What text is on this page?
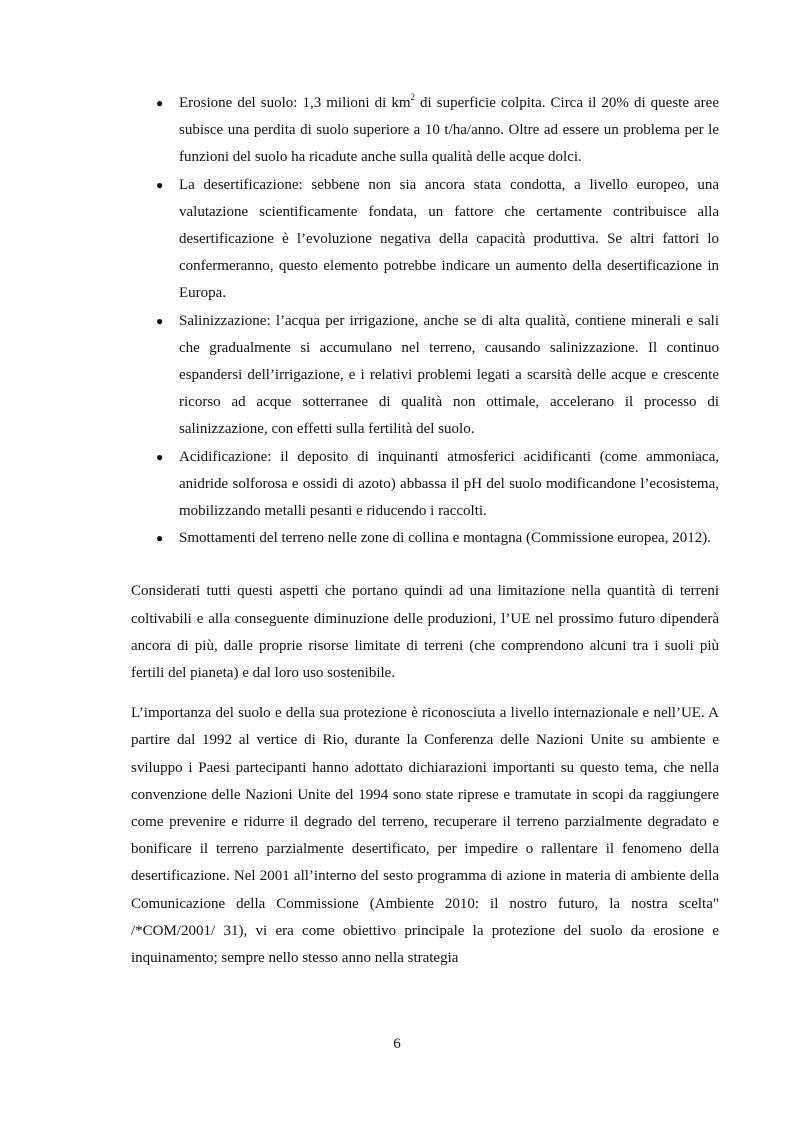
● Erosione del suolo: 1,3 milioni di $km^2$ di superficie colpita. Circa il 20% di queste aree subisce una perdita di suolo superiore a 10 t/ha/anno. Oltre ad essere un problema per le funzioni del suolo ha ricadute anche sulla qualità delle acque dolci.
● La desertificazione: sebbene non sia ancora stata condotta, a livello europeo, una valutazione scientificamente fondata, un fattore che certamente contribuisce alla desertificazione è l’evoluzione negativa della capacità produttiva. Se altri fattori lo confermeranno, questo elemento potrebbe indicare un aumento della desertificazione in Europa.
● Salinizzazione: l’acqua per irrigazione, anche se di alta qualità, contiene minerali e sali che gradualmente si accumulano nel terreno, causando salinizzazione. Il continuo espandersi dell’irrigazione, e i relativi problemi legati a scarsità delle acque e crescente ricorso ad acque sotterranee di qualità non ottimale, accelerano il processo di salinizzazione, con effetti sulla fertilità del suolo.
● Acidificazione: il deposito di inquinanti atmosferici acidificanti (come ammoniaca, anidride solforosa e ossidi di azoto) abbassa il pH del suolo modificandone l’ecosistema, mobilizzando metalli pesanti e riducendo i raccolti.
● Smottamenti del terreno nelle zone di collina e montagna (Commissione europea, 2012).

Considerati tutti questi aspetti che portano quindi ad una limitazione nella quantità di terreni coltivabili e alla conseguente diminuzione delle produzioni, l’UE nel prossimo futuro dipenderà ancora di più, dalle proprie risorse limitate di terreni (che comprendono alcuni tra i suoli più fertili del pianeta) e dal loro uso sostenibile.

L’importanza del suolo e della sua protezione è riconosciuta a livello internazionale e nell’UE. A partire dal 1992 al vertice di Rio, durante la Conferenza delle Nazioni Unite su ambiente e sviluppo i Paesi partecipanti hanno adottato dichiarazioni importanti su questo tema, che nella convenzione delle Nazioni Unite del 1994 sono state riprese e tramutate in scopi da raggiungere come prevenire e ridurre il degrado del terreno, recuperare il terreno parzialmente degradato e bonificare il terreno parzialmente desertificato, per impedire o rallentare il fenomeno della desertificazione. Nel 2001 all’interno del sesto programma di azione in materia di ambiente della Comunicazione della Commissione (Ambiente 2010: il nostro futuro, la nostra scelta" /*COM/2001/ 31), vi era come obiettivo principale la protezione del suolo da erosione e inquinamento; sempre nello stesso anno nella strategia

6
